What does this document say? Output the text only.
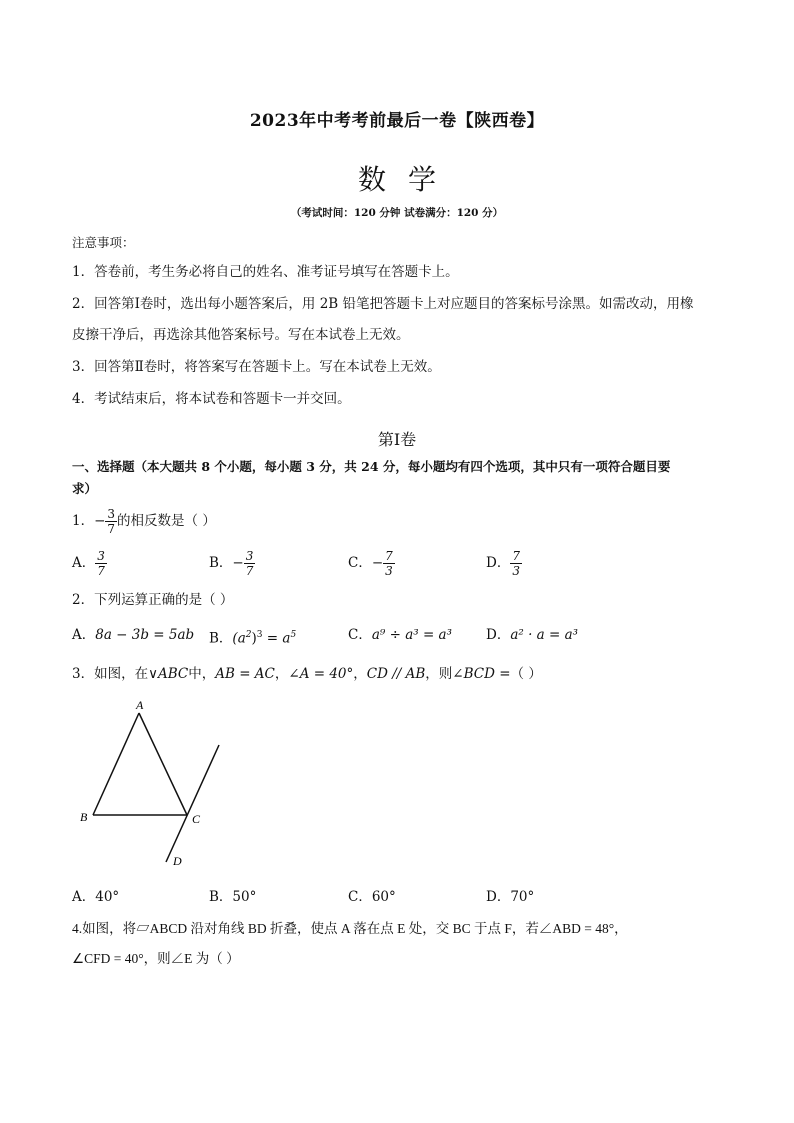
2023年中考考前最后一卷【陕西卷】
数学
（考试时间：120 分钟 试卷满分：120 分）
注意事项：
1．答卷前，考生务必将自己的姓名、准考证号填写在答题卡上。
2．回答第Ⅰ卷时，选出每小题答案后，用 2B 铅笔把答题卡上对应题目的答案标号涂黑。如需改动，用橡
皮擦干净后，再选涂其他答案标号。写在本试卷上无效。
3．回答第Ⅱ卷时，将答案写在答题卡上。写在本试卷上无效。
4．考试结束后，将本试卷和答题卡一并交回。
第Ⅰ卷
一、选择题（本大题共 8 个小题，每小题 3 分，共 24 分，每小题均有四个选项，其中只有一项符合题目要
求）
1． − $\frac{3}{7}$ 的相反数是（ ）
A． $\frac{3}{7}$	B． − $\frac{3}{7}$	C． − $\frac{7}{3}$	D． $\frac{7}{3}$
2．下列运算正确的是（ ）
A．8a − 3b = 5ab B．$(a^2)^3 = a^5$	C．a⁹ ÷ a³ = a³	D．a² · a = a³
3．如图，在∨ABC中，AB = AC，∠A = 40°，CD // AB，则∠BCD =（ ）
A
B	C
D
A．40°	B．50°	C．60°	D．70°
4.如图，将▱ABCD 沿对角线 BD 折叠，使点 A 落在点 E 处，交 BC 于点 F，若∠ABD = 48°，
∠CFD = 40°，则∠E 为（ ）
